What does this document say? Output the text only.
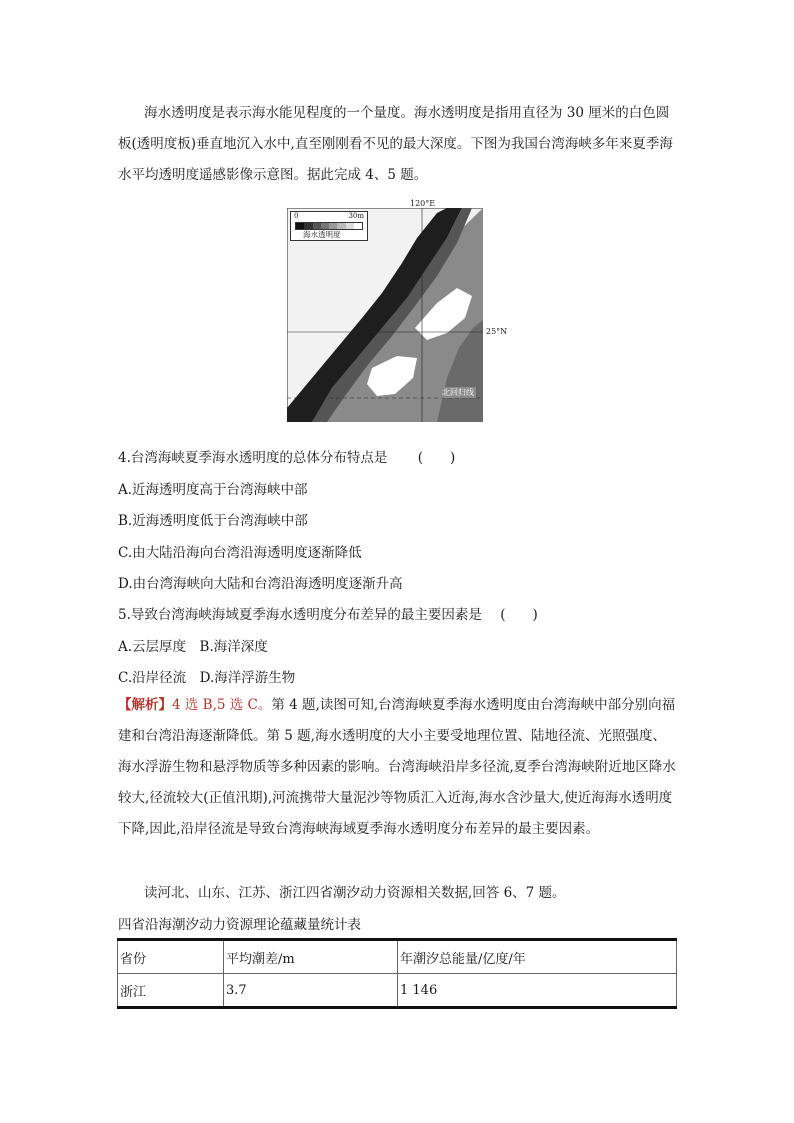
海水透明度是表示海水能见程度的一个量度。海水透明度是指用直径为 30 厘米的白色圆板(透明度板)垂直地沉入水中,直至刚刚看不见的最大深度。下图为我国台湾海峡多年来夏季海水平均透明度遥感影像示意图。据此完成 4、5 题。

120°E
25°N
北回归线
0	30m
海水透明度
4.台湾海峡夏季海水透明度的总体分布特点是 (　　)
A.近海透明度高于台湾海峡中部
B.近海透明度低于台湾海峡中部
C.由大陆沿海向台湾沿海透明度逐渐降低
D.由台湾海峡向大陆和台湾沿海透明度逐渐升高
5.导致台湾海峡海域夏季海水透明度分布差异的最主要因素是 (　　)
A.云层厚度　B.海洋深度
C.沿岸径流　D.海洋浮游生物

【解析】4 选 B,5 选 C。第 4 题,读图可知,台湾海峡夏季海水透明度由台湾海峡中部分别向福建和台湾沿海逐渐降低。第 5 题,海水透明度的大小主要受地理位置、陆地径流、光照强度、海水浮游生物和悬浮物质等多种因素的影响。台湾海峡沿岸多径流,夏季台湾海峡附近地区降水较大,径流较大(正值汛期),河流携带大量泥沙等物质汇入近海,海水含沙量大,使近海海水透明度下降,因此,沿岸径流是导致台湾海峡海域夏季海水透明度分布差异的最主要因素。

读河北、山东、江苏、浙江四省潮汐动力资源相关数据,回答 6、7 题。

四省沿海潮汐动力资源理论蕴藏量统计表
省份	平均潮差/m	年潮汐总能量/亿度/年
浙江	3.7	1 146
